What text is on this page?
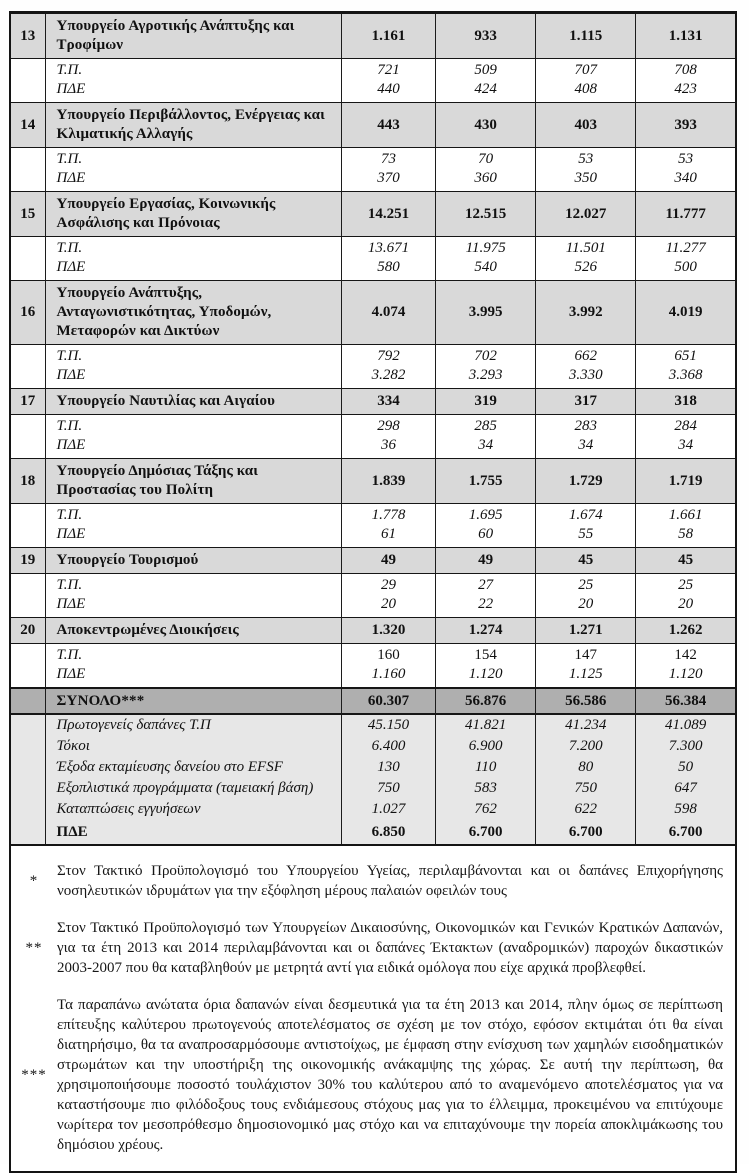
13	Υπουργείο Αγροτικής Ανάπτυξης και Τροφίμων	1.161	933	1.115	1.131
	Τ.Π.	721	509	707	708
	ΠΔΕ	440	424	408	423
14	Υπουργείο Περιβάλλοντος, Ενέργειας και Κλιματικής Αλλαγής	443	430	403	393
	Τ.Π.	73	70	53	53
	ΠΔΕ	370	360	350	340
15	Υπουργείο Εργασίας, Κοινωνικής Ασφάλισης και Πρόνοιας	14.251	12.515	12.027	11.777
	Τ.Π.	13.671	11.975	11.501	11.277
	ΠΔΕ	580	540	526	500
16	Υπουργείο Ανάπτυξης, Ανταγωνιστικότητας, Υποδομών, Μεταφορών και Δικτύων	4.074	3.995	3.992	4.019
	Τ.Π.	792	702	662	651
	ΠΔΕ	3.282	3.293	3.330	3.368
17	Υπουργείο Ναυτιλίας και Αιγαίου	334	319	317	318
	Τ.Π.	298	285	283	284
	ΠΔΕ	36	34	34	34
18	Υπουργείο Δημόσιας Τάξης και Προστασίας του Πολίτη	1.839	1.755	1.729	1.719
	Τ.Π.	1.778	1.695	1.674	1.661
	ΠΔΕ	61	60	55	58
19	Υπουργείο Τουρισμού	49	49	45	45
	Τ.Π.	29	27	25	25
	ΠΔΕ	20	22	20	20
20	Αποκεντρωμένες Διοικήσεις	1.320	1.274	1.271	1.262
	Τ.Π.	160	154	147	142
	ΠΔΕ	1.160	1.120	1.125	1.120
	ΣΥΝΟΛΟ***	60.307	56.876	56.586	56.384
	Πρωτογενείς δαπάνες Τ.Π	45.150	41.821	41.234	41.089
	Τόκοι	6.400	6.900	7.200	7.300
	Έξοδα εκταμίευσης δανείου στο EFSF	130	110	80	50
	Εξοπλιστικά προγράμματα (ταμειακή βάση)	750	583	750	647
	Καταπτώσεις εγγυήσεων	1.027	762	622	598
	ΠΔΕ	6.850	6.700	6.700	6.700
*
Στον Τακτικό Προϋπολογισμό του Υπουργείου Υγείας, περιλαμβάνονται και οι δαπάνες Επιχορήγησης νοσηλευτικών ιδρυμάτων για την εξόφληση μέρους παλαιών οφειλών τους
**
Στον Τακτικό Προϋπολογισμό των Υπουργείων Δικαιοσύνης, Οικονομικών και Γενικών Κρατικών Δαπανών, για τα έτη 2013 και 2014 περιλαμβάνονται και οι δαπάνες Έκτακτων (αναδρομικών) παροχών δικαστικών 2003-2007 που θα καταβληθούν με μετρητά αντί για ειδικά ομόλογα που είχε αρχικά προβλεφθεί.
***
Τα παραπάνω ανώτατα όρια δαπανών είναι δεσμευτικά για τα έτη 2013 και 2014, πλην όμως σε περίπτωση επίτευξης καλύτερου πρωτογενούς αποτελέσματος σε σχέση με τον στόχο, εφόσον εκτιμάται ότι θα είναι διατηρήσιμο, θα τα αναπροσαρμόσουμε αντιστοίχως, με έμφαση στην ενίσχυση των χαμηλών εισοδηματικών στρωμάτων και την υποστήριξη της οικονομικής ανάκαμψης της χώρας. Σε αυτή την περίπτωση, θα χρησιμοποιήσουμε ποσοστό τουλάχιστον 30% του καλύτερου από το αναμενόμενο αποτελέσματος για να καταστήσουμε πιο φιλόδοξους τους ενδιάμεσους στόχους μας για το έλλειμμα, προκειμένου να επιτύχουμε νωρίτερα τον μεσοπρόθεσμο δημοσιονομικό μας στόχο και να επιταχύνουμε την πορεία αποκλιμάκωσης του δημόσιου χρέους.
